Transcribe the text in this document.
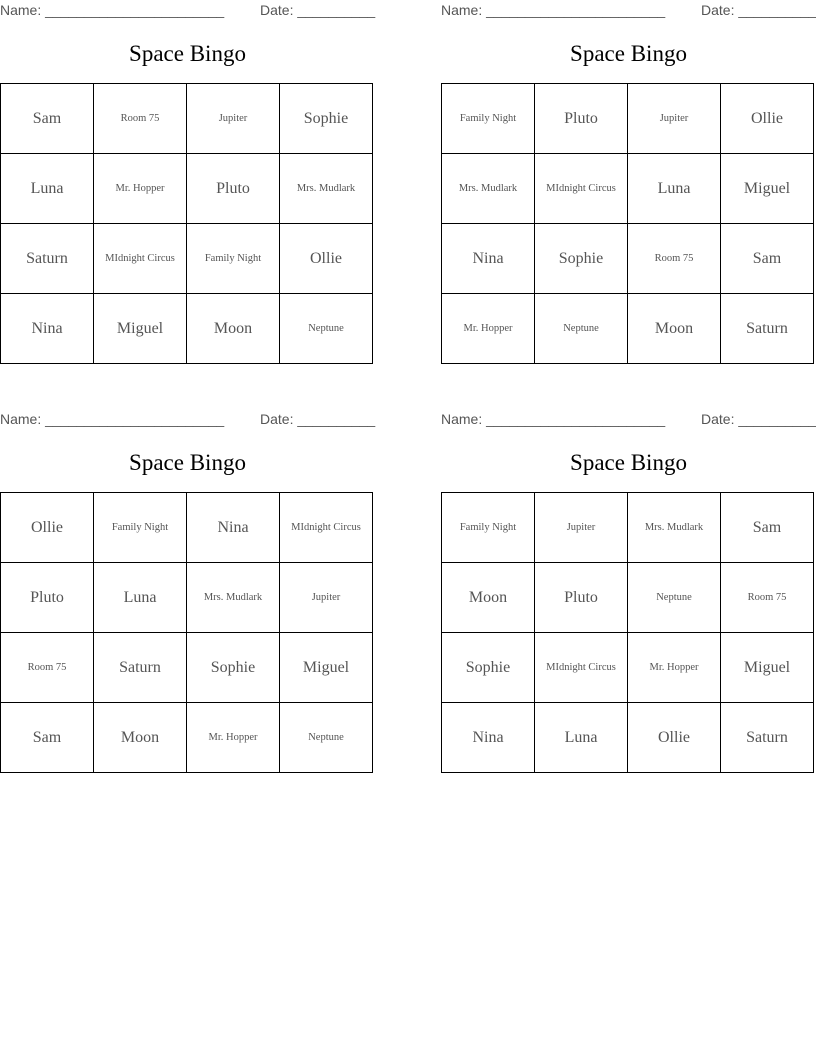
Name: _______________________	Date: __________
Space Bingo
Sam	Room 75	Jupiter	Sophie
Luna	Mr. Hopper	Pluto	Mrs. Mudlark
Saturn	MIdnight Circus	Family Night	Ollie
Nina	Miguel	Moon	Neptune
Name: _______________________	Date: __________
Space Bingo
Family Night	Pluto	Jupiter	Ollie
Mrs. Mudlark	MIdnight Circus	Luna	Miguel
Nina	Sophie	Room 75	Sam
Mr. Hopper	Neptune	Moon	Saturn
Name: _______________________	Date: __________
Space Bingo
Ollie	Family Night	Nina	MIdnight Circus
Pluto	Luna	Mrs. Mudlark	Jupiter
Room 75	Saturn	Sophie	Miguel
Sam	Moon	Mr. Hopper	Neptune
Name: _______________________	Date: __________
Space Bingo
Family Night	Jupiter	Mrs. Mudlark	Sam
Moon	Pluto	Neptune	Room 75
Sophie	MIdnight Circus	Mr. Hopper	Miguel
Nina	Luna	Ollie	Saturn
